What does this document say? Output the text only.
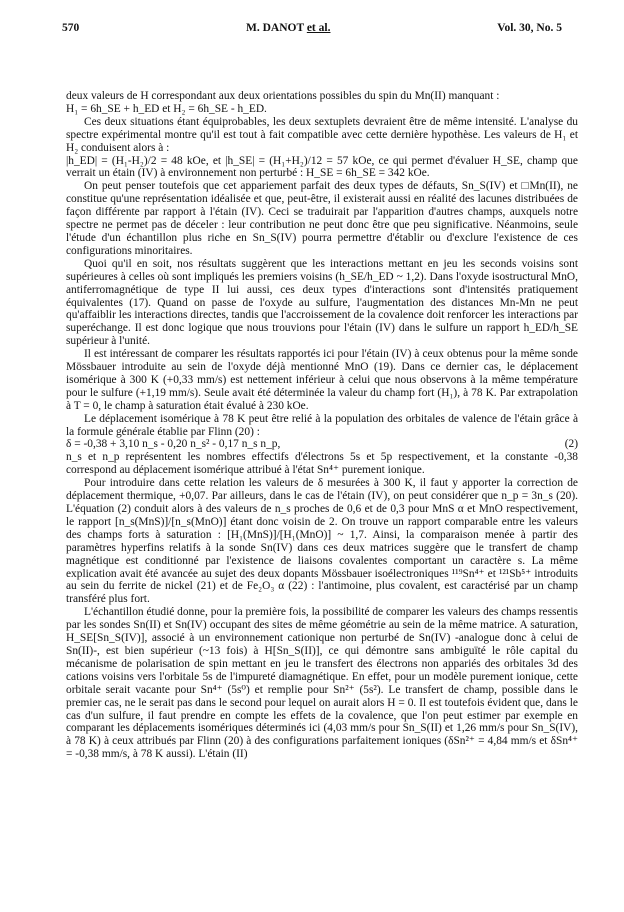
570	M. DANOT et al.	Vol. 30, No. 5

deux valeurs de H correspondant aux deux orientations possibles du spin du Mn(II) manquant :

H₁ = 6h_SE + h_ED et H₂ = 6h_SE - h_ED.

Ces deux situations étant équiprobables, les deux sextuplets devraient être de même intensité. L'analyse du spectre expérimental montre qu'il est tout à fait compatible avec cette dernière hypothèse. Les valeurs de H₁ et H₂ conduisent alors à :

|h_ED| = (H₁-H₂)/2 = 48 kOe, et |h_SE| = (H₁+H₂)/12 = 57 kOe, ce qui permet d'évaluer H_SE, champ que verrait un étain (IV) à environnement non perturbé : H_SE = 6h_SE = 342 kOe.

On peut penser toutefois que cet appariement parfait des deux types de défauts, Sn_S(IV) et □Mn(II), ne constitue qu'une représentation idéalisée et que, peut-être, il existerait aussi en réalité des lacunes distribuées de façon différente par rapport à l'étain (IV). Ceci se traduirait par l'apparition d'autres champs, auxquels notre spectre ne permet pas de déceler : leur contribution ne peut donc être que peu significative. Néanmoins, seule l'étude d'un échantillon plus riche en Sn_S(IV) pourra permettre d'établir ou d'exclure l'existence de ces configurations minoritaires.

Quoi qu'il en soit, nos résultats suggèrent que les interactions mettant en jeu les seconds voisins sont supérieures à celles où sont impliqués les premiers voisins (h_SE/h_ED ~ 1,2). Dans l'oxyde isostructural MnO, antiferromagnétique de type II lui aussi, ces deux types d'interactions sont d'intensités pratiquement équivalentes (17). Quand on passe de l'oxyde au sulfure, l'augmentation des distances Mn-Mn ne peut qu'affaiblir les interactions directes, tandis que l'accroissement de la covalence doit renforcer les interactions par superéchange. Il est donc logique que nous trouvions pour l'étain (IV) dans le sulfure un rapport h_ED/h_SE supérieur à l'unité.

Il est intéressant de comparer les résultats rapportés ici pour l'étain (IV) à ceux obtenus pour la même sonde Mössbauer introduite au sein de l'oxyde déjà mentionné MnO (19). Dans ce dernier cas, le déplacement isomérique à 300 K (+0,33 mm/s) est nettement inférieur à celui que nous observons à la même température pour le sulfure (+1,19 mm/s). Seule avait été déterminée la valeur du champ fort (H₁), à 78 K. Par extrapolation à T = 0, le champ à saturation était évalué à 230 kOe.

Le déplacement isomérique à 78 K peut être relié à la population des orbitales de valence de l'étain grâce à la formule générale établie par Flinn (20) :

δ = -0,38 + 3,10 n_s - 0,20 n_s² - 0,17 n_s n_p,	(2)

n_s et n_p représentent les nombres effectifs d'électrons 5s et 5p respectivement, et la constante -0,38 correspond au déplacement isomérique attribué à l'état Sn⁴⁺ purement ionique.

Pour introduire dans cette relation les valeurs de δ mesurées à 300 K, il faut y apporter la correction de déplacement thermique, +0,07. Par ailleurs, dans le cas de l'étain (IV), on peut considérer que n_p = 3n_s (20). L'équation (2) conduit alors à des valeurs de n_s proches de 0,6 et de 0,3 pour MnS α et MnO respectivement, le rapport [n_s(MnS)]/[n_s(MnO)] étant donc voisin de 2. On trouve un rapport comparable entre les valeurs des champs forts à saturation : [H₁(MnS)]/[H₁(MnO)] ~ 1,7. Ainsi, la comparaison menée à partir des paramètres hyperfins relatifs à la sonde Sn(IV) dans ces deux matrices suggère que le transfert de champ magnétique est conditionné par l'existence de liaisons covalentes comportant un caractère s. La même explication avait été avancée au sujet des deux dopants Mössbauer isoélectroniques ¹¹⁹Sn⁴⁺ et ¹²¹Sb⁵⁺ introduits au sein du ferrite de nickel (21) et de Fe₂O₃ α (22) : l'antimoine, plus covalent, est caractérisé par un champ transféré plus fort.

L'échantillon étudié donne, pour la première fois, la possibilité de comparer les valeurs des champs ressentis par les sondes Sn(II) et Sn(IV) occupant des sites de même géométrie au sein de la même matrice. A saturation, H_SE[Sn_S(IV)], associé à un environnement cationique non perturbé de Sn(IV) -analogue donc à celui de Sn(II)-, est bien supérieur (~13 fois) à H[Sn_S(II)], ce qui démontre sans ambiguïté le rôle capital du mécanisme de polarisation de spin mettant en jeu le transfert des électrons non appariés des orbitales 3d des cations voisins vers l'orbitale 5s de l'impureté diamagnétique. En effet, pour un modèle purement ionique, cette orbitale serait vacante pour Sn⁴⁺ (5s⁰) et remplie pour Sn²⁺ (5s²). Le transfert de champ, possible dans le premier cas, ne le serait pas dans le second pour lequel on aurait alors H = 0. Il est toutefois évident que, dans le cas d'un sulfure, il faut prendre en compte les effets de la covalence, que l'on peut estimer par exemple en comparant les déplacements isomériques déterminés ici (4,03 mm/s pour Sn_S(II) et 1,26 mm/s pour Sn_S(IV), à 78 K) à ceux attribués par Flinn (20) à des configurations parfaitement ioniques (δSn²⁺ = 4,84 mm/s et δSn⁴⁺ = -0,38 mm/s, à 78 K aussi). L'étain (II)
